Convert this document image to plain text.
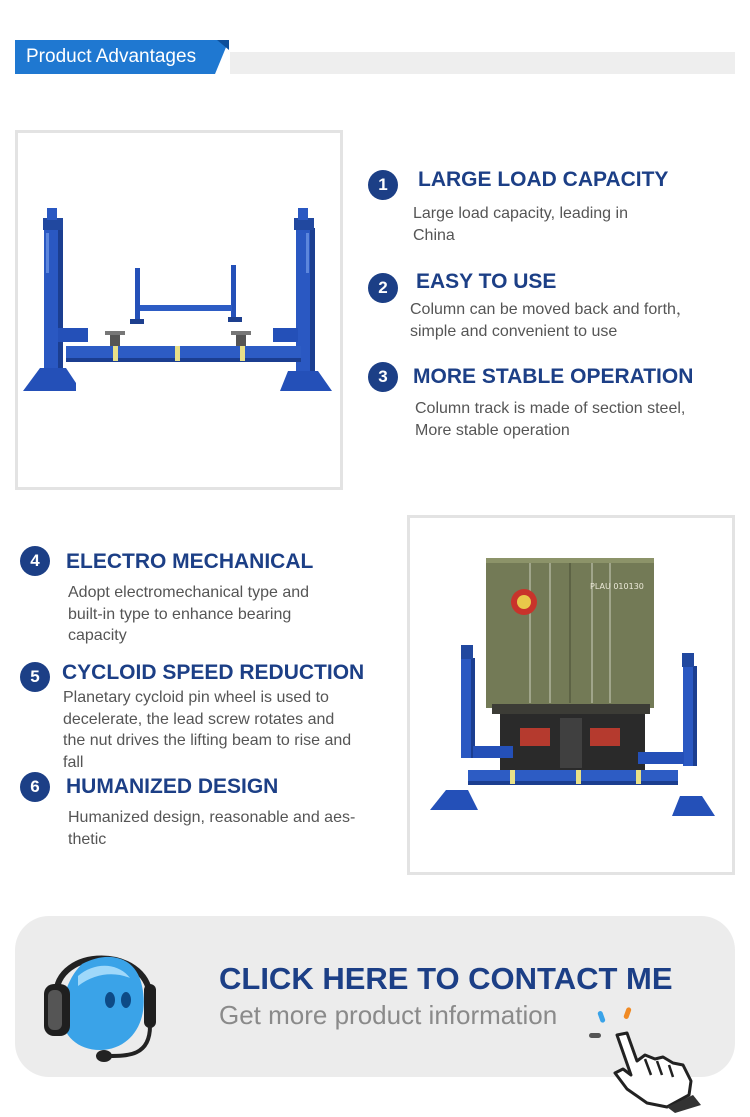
Product Advantages
1	LARGE LOAD CAPACITY
Large load capacity, leading in China
2	EASY TO USE
Column can be moved back and forth，simple and convenient to use
3	MORE STABLE OPERATION
Column track is made of section steel, More stable operation
4	ELECTRO MECHANICAL
Adopt electromechanical type and built-in type to enhance bearing capacity
5	CYCLOID SPEED REDUCTION
Planetary cycloid pin wheel is used to decelerate, the lead screw rotates and the nut drives the lifting beam to rise and fall
6	HUMANIZED DESIGN
Humanized design, reasonable and aes-thetic
PLAU 010130
CLICK HERE TO CONTACT ME
Get more product information
